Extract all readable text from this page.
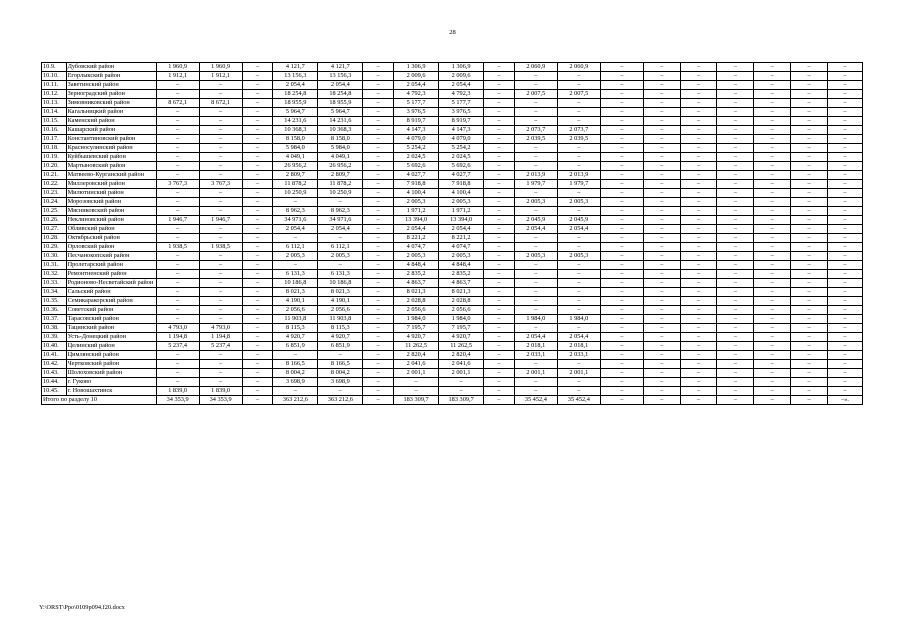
28
10.9.	Дубовский район	1 960,9	1 960,9	–	4 121,7	4 121,7	–	1 306,9	1 306,9	–	2 060,9	2 060,9	–	–	–	–	–	–	–
10.10.	Егорлыкский район	1 912,1	1 912,1	–	13 156,3	13 156,3	–	2 009,6	2 009,6	–	–	–	–	–	–	–	–	–	–
10.11.	Заветинский район	–	–	–	2 054,4	2 054,4	–	2 054,4	2 054,4	–	–	–	–	–	–	–	–	–	–
10.12.	Зерноградский район	–	–	–	18 254,8	18 254,8	–	4 792,3	4 792,3	–	2 007,5	2 007,5	–	–	–	–	–	–	–
10.13.	Зимовниковский район	8 672,1	8 672,1	–	18 955,9	18 955,9	–	5 177,7	5 177,7	–	–	–	–	–	–	–	–	–	–
10.14.	Кагальницкий район	–	–	–	5 964,7	5 964,7	–	3 976,5	3 976,5	–	–	–	–	–	–	–	–	–	–
10.15.	Каменский район	–	–	–	14 231,6	14 231,6	–	8 919,7	8 919,7	–	–	–	–	–	–	–	–	–	–
10.16.	Кашарский район	–	–	–	10 368,3	10 368,3	–	4 147,3	4 147,3	–	2 073,7	2 073,7	–	–	–	–	–	–	–
10.17.	Константиновский район	–	–	–	8 158,0	8 158,0	–	4 079,0	4 079,0	–	2 039,5	2 039,5	–	–	–	–	–	–	–
10.18.	Красносулинский район	–	–	–	5 984,0	5 984,0	–	5 254,2	5 254,2	–	–	–	–	–	–	–	–	–	–
10.19.	Куйбышевский район	–	–	–	4 049,1	4 049,1	–	2 024,5	2 024,5	–	–	–	–	–	–	–	–	–	–
10.20.	Мартыновский район	–	–	–	26 956,2	26 956,2	–	5 692,6	5 692,6	–	–	–	–	–	–	–	–	–	–
10.21.	Матвеево-Курганский район	–	–	–	2 809,7	2 809,7	–	4 027,7	4 027,7	–	2 013,9	2 013,9	–	–	–	–	–	–	–
10.22.	Миллеровский район	3 767,3	3 767,3	–	11 878,2	11 878,2	–	7 918,8	7 918,8	–	1 979,7	1 979,7	–	–	–	–	–	–	–
10.23.	Милютинский район	–	–	–	10 250,9	10 250,9	–	4 100,4	4 100,4	–	–	–	–	–	–	–	–	–	–
10.24.	Морозовский район	–	–	–	–	–	–	2 005,3	2 005,3	–	2 005,3	2 005,3	–	–	–	–	–	–	–
10.25.	Мясниковский район	–	–	–	8 962,3	8 962,3	–	1 971,2	1 971,2	–	–	–	–	–	–	–	–	–	–
10.26.	Неклиновский район	1 946,7	1 946,7	–	34 971,6	34 971,6	–	13 394,0	13 394,0	–	2 045,9	2 045,9	–	–	–	–	–	–	–
10.27.	Обливский район	–	–	–	2 054,4	2 054,4	–	2 054,4	2 054,4	–	2 054,4	2 054,4	–	–	–	–	–	–	–
10.28.	Октябрьский район	–	–	–	–	–	–	8 221,2	8 221,2	–	–	–	–	–	–	–	–	–	–
10.29.	Орловский район	1 938,5	1 938,5	–	6 112,1	6 112,1	–	4 074,7	4 074,7	–	–	–	–	–	–	–	–	–	–
10.30.	Песчанокопский район	–	–	–	2 005,3	2 005,3	–	2 005,3	2 005,3	–	2 005,3	2 005,3	–	–	–	–	–	–	–
10.31.	Пролетарский район	–	–	–	–	–	–	4 848,4	4 848,4	–	–	–	–	–	–	–	–	–	–
10.32.	Ремонтненский район	–	–	–	6 131,3	6 131,3	–	2 835,2	2 835,2	–	–	–	–	–	–	–	–	–	–
10.33.	Родионово-Несветайский район	–	–	–	10 186,8	10 186,8	–	4 863,7	4 863,7	–	–	–	–	–	–	–	–	–	–
10.34.	Сальский район	–	–	–	8 021,3	8 021,3	–	8 021,3	8 021,3	–	–	–	–	–	–	–	–	–	–
10.35.	Семикаракорский район	–	–	–	4 190,1	4 190,1	–	2 028,8	2 028,8	–	–	–	–	–	–	–	–	–	–
10.36.	Советский район	–	–	–	2 056,6	2 056,6	–	2 056,6	2 056,6	–	–	–	–	–	–	–	–	–	–
10.37.	Тарасовский район	–	–	–	11 903,8	11 903,8	–	1 984,0	1 984,0	–	1 984,0	1 984,0	–	–	–	–	–	–	–
10.38.	Тацинский район	4 793,0	4 793,0	–	8 115,3	8 115,3	–	7 195,7	7 195,7	–	–	–	–	–	–	–	–	–	–
10.39.	Усть-Донецкий район	1 194,8	1 194,8	–	4 920,7	4 920,7	–	4 920,7	4 920,7	–	2 054,4	2 054,4	–	–	–	–	–	–	–
10.40.	Целинский район	5 237,4	5 237,4	–	6 851,9	6 851,9	–	11 262,5	11 262,5	–	2 018,1	2 018,1	–	–	–	–	–	–	–
10.41.	Цимлянский район	–	–	–	–	–	–	2 820,4	2 820,4	–	2 033,1	2 033,1	–	–	–	–	–	–	–
10.42.	Чертковский район	–	–	–	8 166,5	8 166,5	–	2 041,6	2 041,6	–	–	–	–	–	–	–	–	–	–
10.43.	Шолоховский район	–	–	–	8 004,2	8 004,2	–	2 001,1	2 001,1	–	2 001,1	2 001,1	–	–	–	–	–	–	–
10.44.	г. Гуково	–	–	–	3 698,9	3 698,9	–	–	–	–	–	–	–	–	–	–	–	–	–
10.45.	г. Новошахтинск	1 839,0	1 839,0	–	–	–	–	–	–	–	–	–	–	–	–	–	–	–	–
Итого по разделу 10		34 353,9	34 353,9	–	363 212,6	363 212,6	–	183 309,7	183 309,7	–	35 452,4	35 452,4	–	–	–	–	–	–	–».
Y:\ORST\Ppo\0109p094.f20.docx
